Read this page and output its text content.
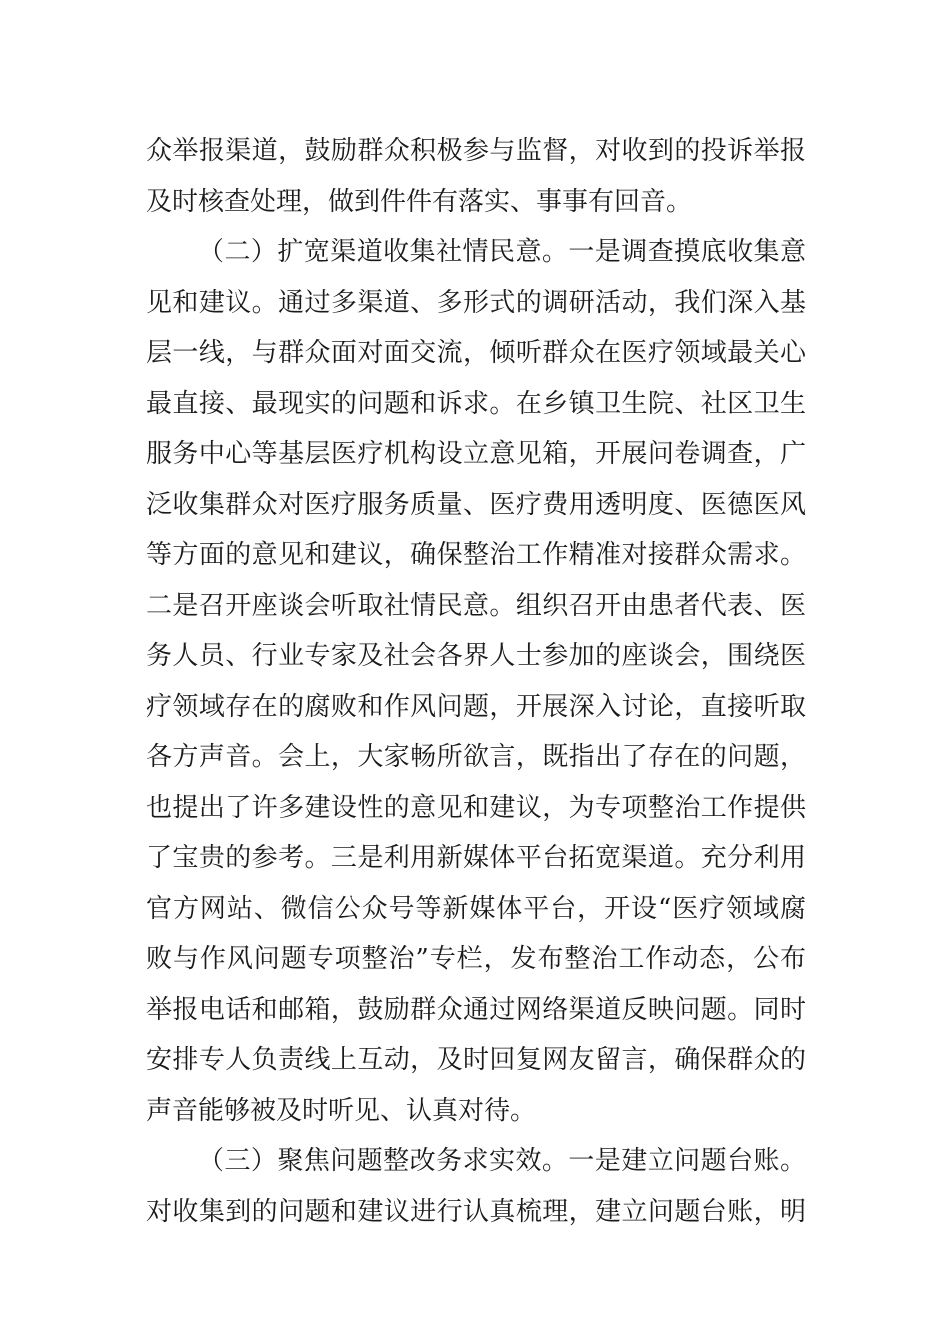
众举报渠道，鼓励群众积极参与监督，对收到的投诉举报
及时核查处理，做到件件有落实、事事有回音。
（二）扩宽渠道收集社情民意。一是调查摸底收集意
见和建议。通过多渠道、多形式的调研活动，我们深入基
层一线，与群众面对面交流，倾听群众在医疗领域最关心
最直接、最现实的问题和诉求。在乡镇卫生院、社区卫生
服务中心等基层医疗机构设立意见箱，开展问卷调查，广
泛收集群众对医疗服务质量、医疗费用透明度、医德医风
等方面的意见和建议，确保整治工作精准对接群众需求。
二是召开座谈会听取社情民意。组织召开由患者代表、医
务人员、行业专家及社会各界人士参加的座谈会，围绕医
疗领域存在的腐败和作风问题，开展深入讨论，直接听取
各方声音。会上，大家畅所欲言，既指出了存在的问题，
也提出了许多建设性的意见和建议，为专项整治工作提供
了宝贵的参考。三是利用新媒体平台拓宽渠道。充分利用
官方网站、微信公众号等新媒体平台，开设“医疗领域腐
败与作风问题专项整治”专栏，发布整治工作动态，公布
举报电话和邮箱，鼓励群众通过网络渠道反映问题。同时
安排专人负责线上互动，及时回复网友留言，确保群众的
声音能够被及时听见、认真对待。
（三）聚焦问题整改务求实效。一是建立问题台账。
对收集到的问题和建议进行认真梳理，建立问题台账，明
